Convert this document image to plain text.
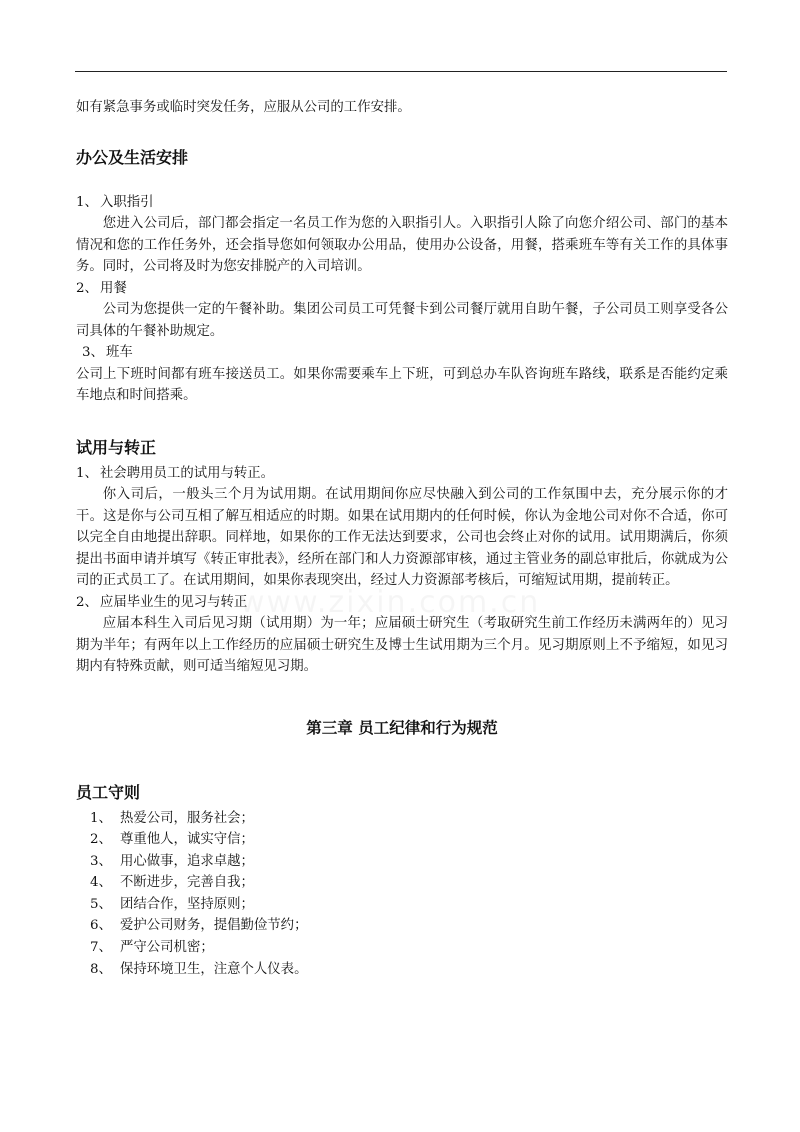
如有紧急事务或临时突发任务，应服从公司的工作安排。

办公及生活安排

1、 入职指引

您进入公司后，部门都会指定一名员工作为您的入职指引人。入职指引人除了向您介绍公司、部门的基本情况和您的工作任务外，还会指导您如何领取办公用品，使用办公设备，用餐，搭乘班车等有关工作的具体事务。同时，公司将及时为您安排脱产的入司培训。

2、 用餐

公司为您提供一定的午餐补助。集团公司员工可凭餐卡到公司餐厅就用自助午餐，子公司员工则享受各公司具体的午餐补助规定。

3、 班车

公司上下班时间都有班车接送员工。如果你需要乘车上下班，可到总办车队咨询班车路线，联系是否能约定乘车地点和时间搭乘。

试用与转正

1、 社会聘用员工的试用与转正。

你入司后，一般头三个月为试用期。在试用期间你应尽快融入到公司的工作氛围中去，充分展示你的才干。这是你与公司互相了解互相适应的时期。如果在试用期内的任何时候，你认为金地公司对你不合适，你可以完全自由地提出辞职。同样地，如果你的工作无法达到要求，公司也会终止对你的试用。试用期满后，你须提出书面申请并填写《转正审批表》，经所在部门和人力资源部审核，通过主管业务的副总审批后，你就成为公司的正式员工了。在试用期间，如果你表现突出，经过人力资源部考核后，可缩短试用期，提前转正。

2、 应届毕业生的见习与转正

应届本科生入司后见习期（试用期）为一年；应届硕士研究生（考取研究生前工作经历未满两年的）见习期为半年；有两年以上工作经历的应届硕士研究生及博士生试用期为三个月。见习期原则上不予缩短，如见习期内有特殊贡献，则可适当缩短见习期。

第三章 员工纪律和行为规范
员工守则

1、 热爱公司，服务社会；

2、 尊重他人，诚实守信；

3、 用心做事，追求卓越；

4、 不断进步，完善自我；

5、 团结合作，坚持原则；

6、 爱护公司财务，提倡勤俭节约；

7、 严守公司机密；

8、 保持环境卫生，注意个人仪表。
